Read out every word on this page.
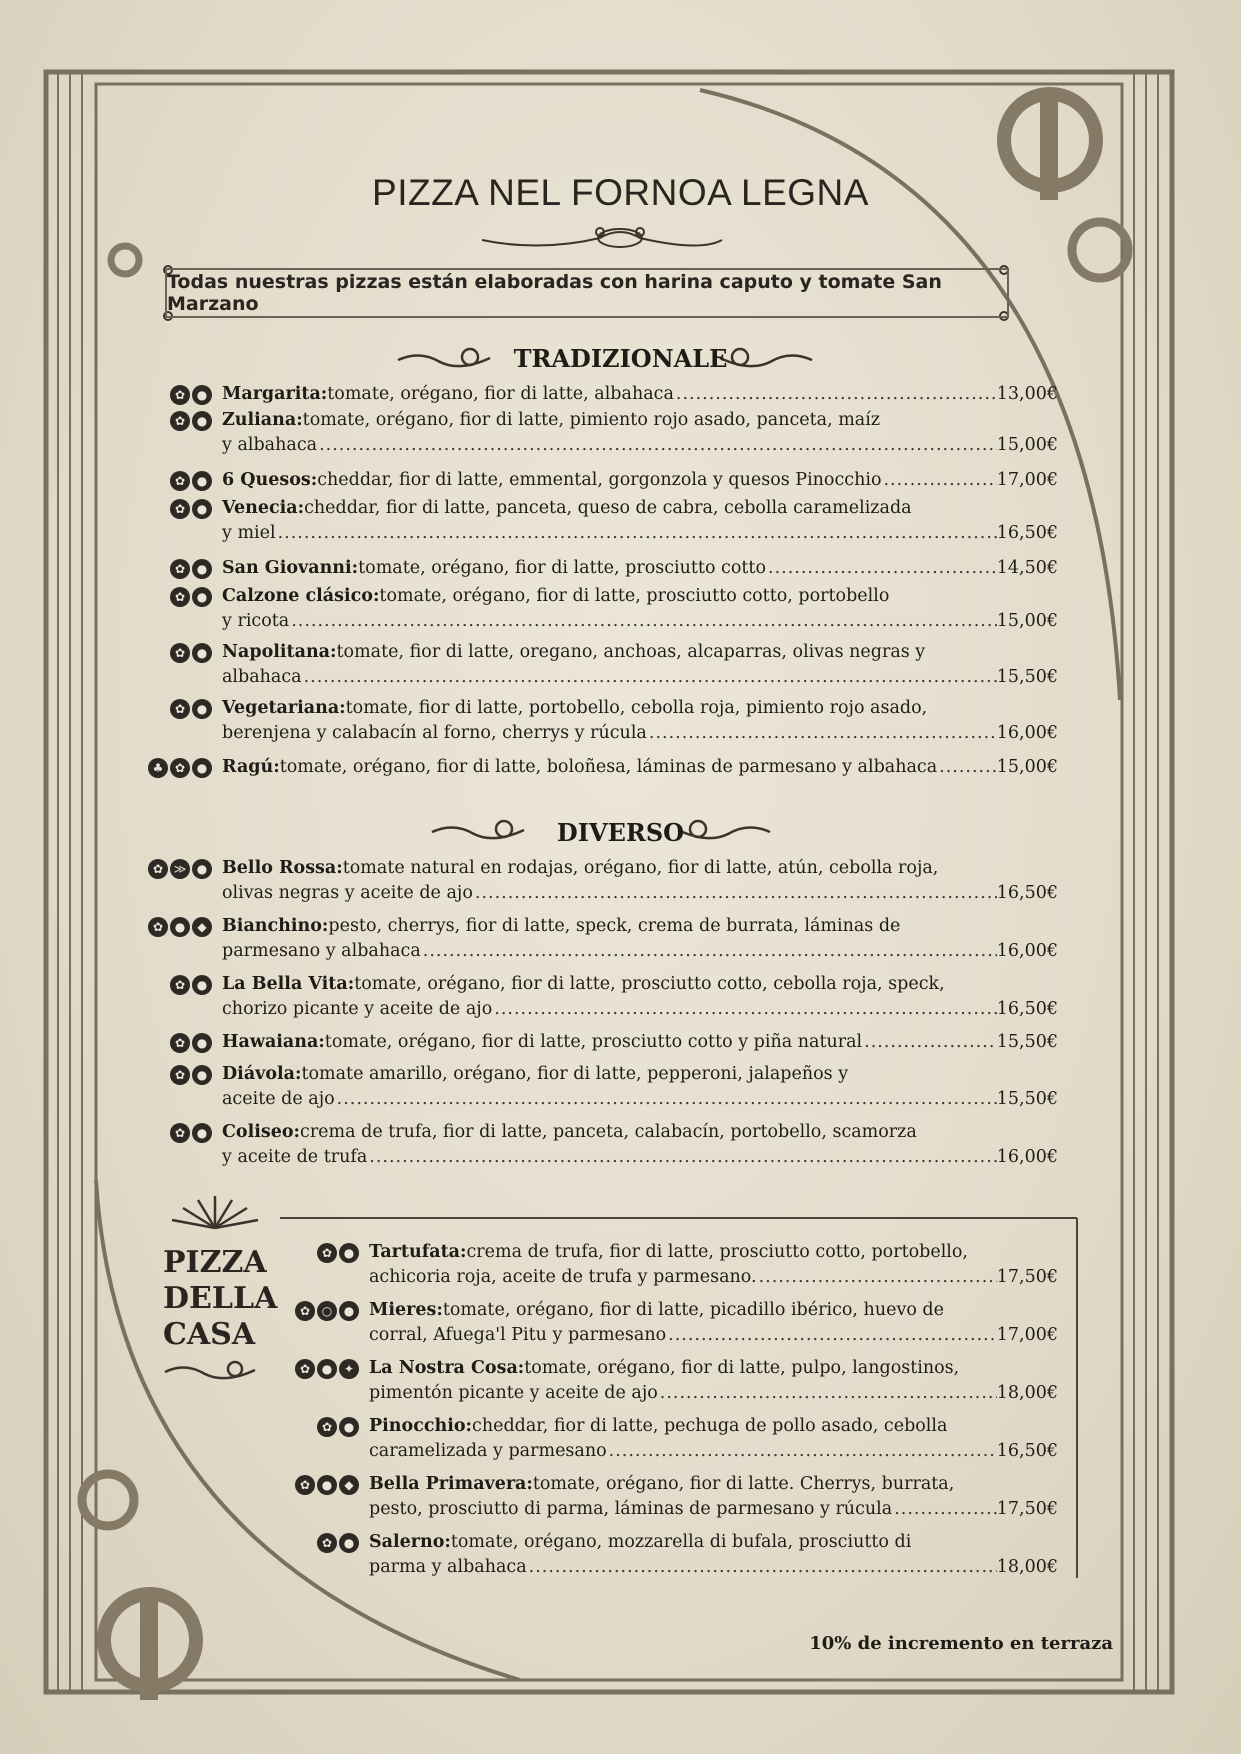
PIZZA NEL FORNOA LEGNA
Todas nuestras pizzas están elaboradas con harina caputo y tomate San Marzano
TRADIZIONALE
DIVERSO
PIZZA DELLA CASA
✿ ● Margarita: tomate, orégano, fior di latte, albahaca .....	13,00€
✿ ● Zuliana: tomate, orégano, fior di latte, pimiento rojo asado, panceta, maíz
y albahaca .....	15,00€
✿ ● 6 Quesos: cheddar, fior di latte, emmental, gorgonzola y quesos Pinocchio .....	17,00€
✿ ● Venecia: cheddar, fior di latte, panceta, queso de cabra, cebolla caramelizada
y miel .....	16,50€
✿ ● San Giovanni: tomate, orégano, fior di latte, prosciutto cotto .....	14,50€
✿ ● Calzone clásico: tomate, orégano, fior di latte, prosciutto cotto, portobello
y ricota .....	15,00€
✿ ● Napolitana: tomate, fior di latte, oregano, anchoas, alcaparras, olivas negras y
albahaca .....	15,50€
✿ ● Vegetariana: tomate, fior di latte, portobello, cebolla roja, pimiento rojo asado,
berenjena y calabacín al forno, cherrys y rúcula .....	16,00€
♣ ✿ ● Ragú: tomate, orégano, fior di latte, boloñesa, láminas de parmesano y albahaca .....	15,00€
✿ ≫ ● Bello Rossa: tomate natural en rodajas, orégano, fior di latte, atún, cebolla roja,
olivas negras y aceite de ajo .....	16,50€
✿ ●	◆ Bianchino: pesto, cherrys, fior di latte, speck, crema de burrata, láminas de
parmesano y albahaca .....	16,00€
✿ ● La Bella Vita: tomate, orégano, fior di latte, prosciutto cotto, cebolla roja, speck,
chorizo picante y aceite de ajo .....	16,50€
✿ ● Hawaiana: tomate, orégano, fior di latte, prosciutto cotto y piña natural .....	15,50€
✿ ● Diávola: tomate amarillo, orégano, fior di latte, pepperoni, jalapeños y
aceite de ajo .....	15,50€
✿ ● Coliseo: crema de trufa, fior di latte, panceta, calabacín, portobello, scamorza
y aceite de trufa .....	16,00€
✿ ● Tartufata: crema de trufa, fior di latte, prosciutto cotto, portobello,
achicoria roja, aceite de trufa y parmesano. .....	17,50€
✿ ○ ● Mieres: tomate, orégano, fior di latte, picadillo ibérico, huevo de
corral, Afuega'l Pitu y parmesano .....	17,00€
✿ ● ✦ La Nostra Cosa: tomate, orégano, fior di latte, pulpo, langostinos,
pimentón picante y aceite de ajo .....	18,00€
✿ ● Pinocchio: cheddar, fior di latte, pechuga de pollo asado, cebolla
caramelizada y parmesano .....	16,50€
✿ ●	◆ Bella Primavera: tomate, orégano, fior di latte. Cherrys, burrata,
pesto, prosciutto di parma, láminas de parmesano y rúcula .....	17,50€
✿ ● Salerno: tomate, orégano, mozzarella di bufala, prosciutto di
parma y albahaca .....	18,00€
10% de incremento en terraza
